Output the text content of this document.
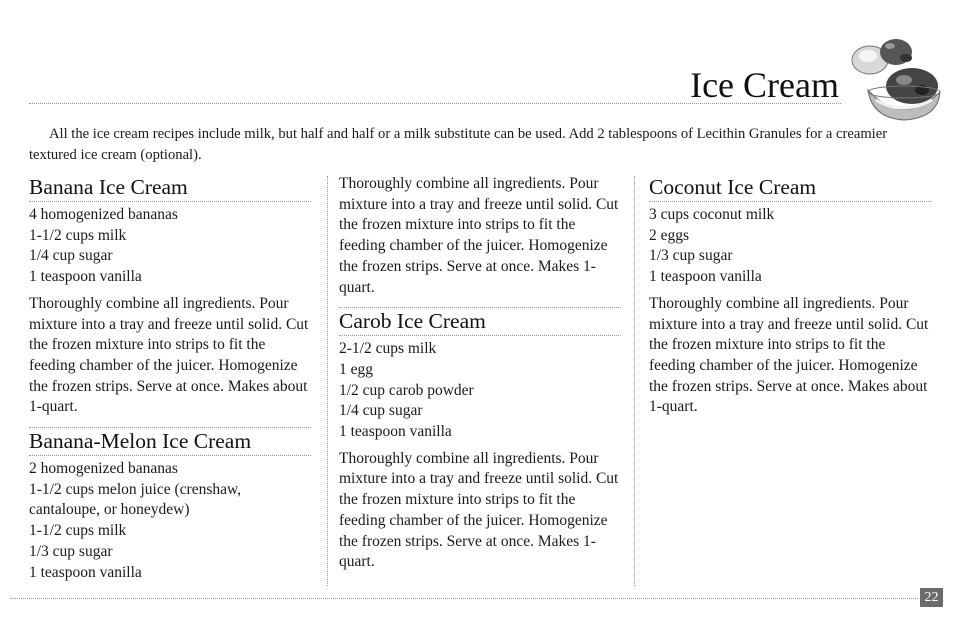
Ice Cream

All the ice cream recipes include milk, but half and half or a milk substitute can be used. Add 2 tablespoons of Lecithin Granules for a creamier textured ice cream (optional).

Banana Ice Cream
4 homogenized bananas
1-1/2 cups milk
1/4 cup sugar
1 teaspoon vanilla

Thoroughly combine all ingredients. Pour mixture into a tray and freeze until solid. Cut the frozen mixture into strips to fit the feeding chamber of the juicer. Homogenize the frozen strips. Serve at once. Makes about 1-quart.

Banana-Melon Ice Cream
2 homogenized bananas
1-1/2 cups melon juice (crenshaw, cantaloupe, or honeydew)
1-1/2 cups milk
1/3 cup sugar
1 teaspoon vanilla

Thoroughly combine all ingredients. Pour mixture into a tray and freeze until solid. Cut the frozen mixture into strips to fit the feeding chamber of the juicer. Homogenize the frozen strips. Serve at once. Makes 1-quart.

Carob Ice Cream
2-1/2 cups milk
1 egg
1/2 cup carob powder
1/4 cup sugar
1 teaspoon vanilla

Thoroughly combine all ingredients. Pour mixture into a tray and freeze until solid. Cut the frozen mixture into strips to fit the feeding chamber of the juicer. Homogenize the frozen strips. Serve at once. Makes 1-quart.

Coconut Ice Cream
3 cups coconut milk
2 eggs
1/3 cup sugar
1 teaspoon vanilla

Thoroughly combine all ingredients. Pour mixture into a tray and freeze until solid. Cut the frozen mixture into strips to fit the feeding chamber of the juicer. Homogenize the frozen strips. Serve at once. Makes about 1-quart.

22
